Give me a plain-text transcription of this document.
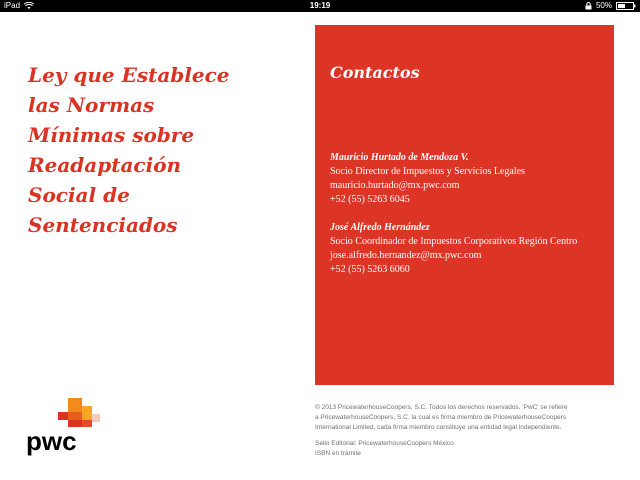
iPad	19:19	50%
Ley que Establece
las Normas
Mínimas sobre
Readaptación
Social de
Sentenciados
pwc
Contactos
Mauricio Hurtado de Mendoza V.
Socio Director de Impuestos y Servicios Legales
mauricio.hurtado@mx.pwc.com
+52 (55) 5263 6045
José Alfredo Hernández
Socio Coordinador de Impuestos Corporativos Región Centro
jose.alfredo.hernandez@mx.pwc.com
+52 (55) 5263 6060

© 2013 PricewaterhouseCoopers, S.C. Todos los derechos reservados. 'PwC' se refiere
a PricewaterhouseCoopers, S.C. la cual es firma miembro de PricewaterhouseCoopers
International Limited, cada firma miembro constituye una entidad legal independiente.

Sello Editorial: PricewaterhouseCoopers México
ISBN en trámite
